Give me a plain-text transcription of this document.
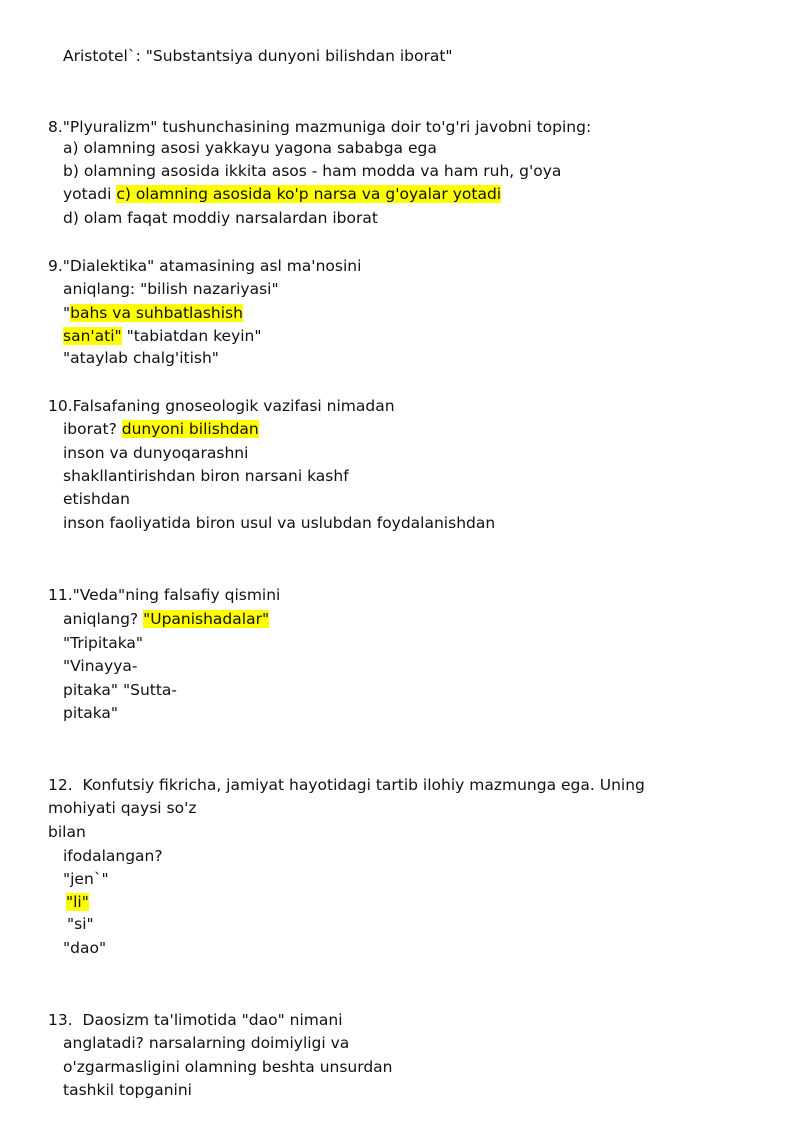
Aristotel`: "Substantsiya dunyoni bilishdan iborat"
8."Plyuralizm" tushunchasining mazmuniga doir to'g'ri javobni toping:
a) olamning asosi yakkayu yagona sababga ega
b) olamning asosida ikkita asos - ham modda va ham ruh, g'oya
yotadi c) olamning asosida ko'p narsa va g'oyalar yotadi
d) olam faqat moddiy narsalardan iborat
9."Dialektika" atamasining asl ma'nosini
aniqlang: "bilish nazariyasi"
"bahs va suhbatlashish
san'ati" "tabiatdan keyin"
"ataylab chalg'itish"
10.Falsafaning gnoseologik vazifasi nimadan
iborat? dunyoni bilishdan
inson va dunyoqarashni
shakllantirishdan biron narsani kashf
etishdan
inson faoliyatida biron usul va uslubdan foydalanishdan
11."Veda"ning falsafiy qismini
aniqlang? "Upanishadalar"
"Tripitaka"
"Vinayya-
pitaka" "Sutta-
pitaka"
12. Konfutsiy fikricha, jamiyat hayotidagi tartib ilohiy mazmunga ega. Uning
mohiyati qaysi so'z
bilan
ifodalangan?
"jen`"
"li"
"si"
"dao"
13. Daosizm ta'limotida "dao" nimani
anglatadi? narsalarning doimiyligi va
o'zgarmasligini olamning beshta unsurdan
tashkil topganini
